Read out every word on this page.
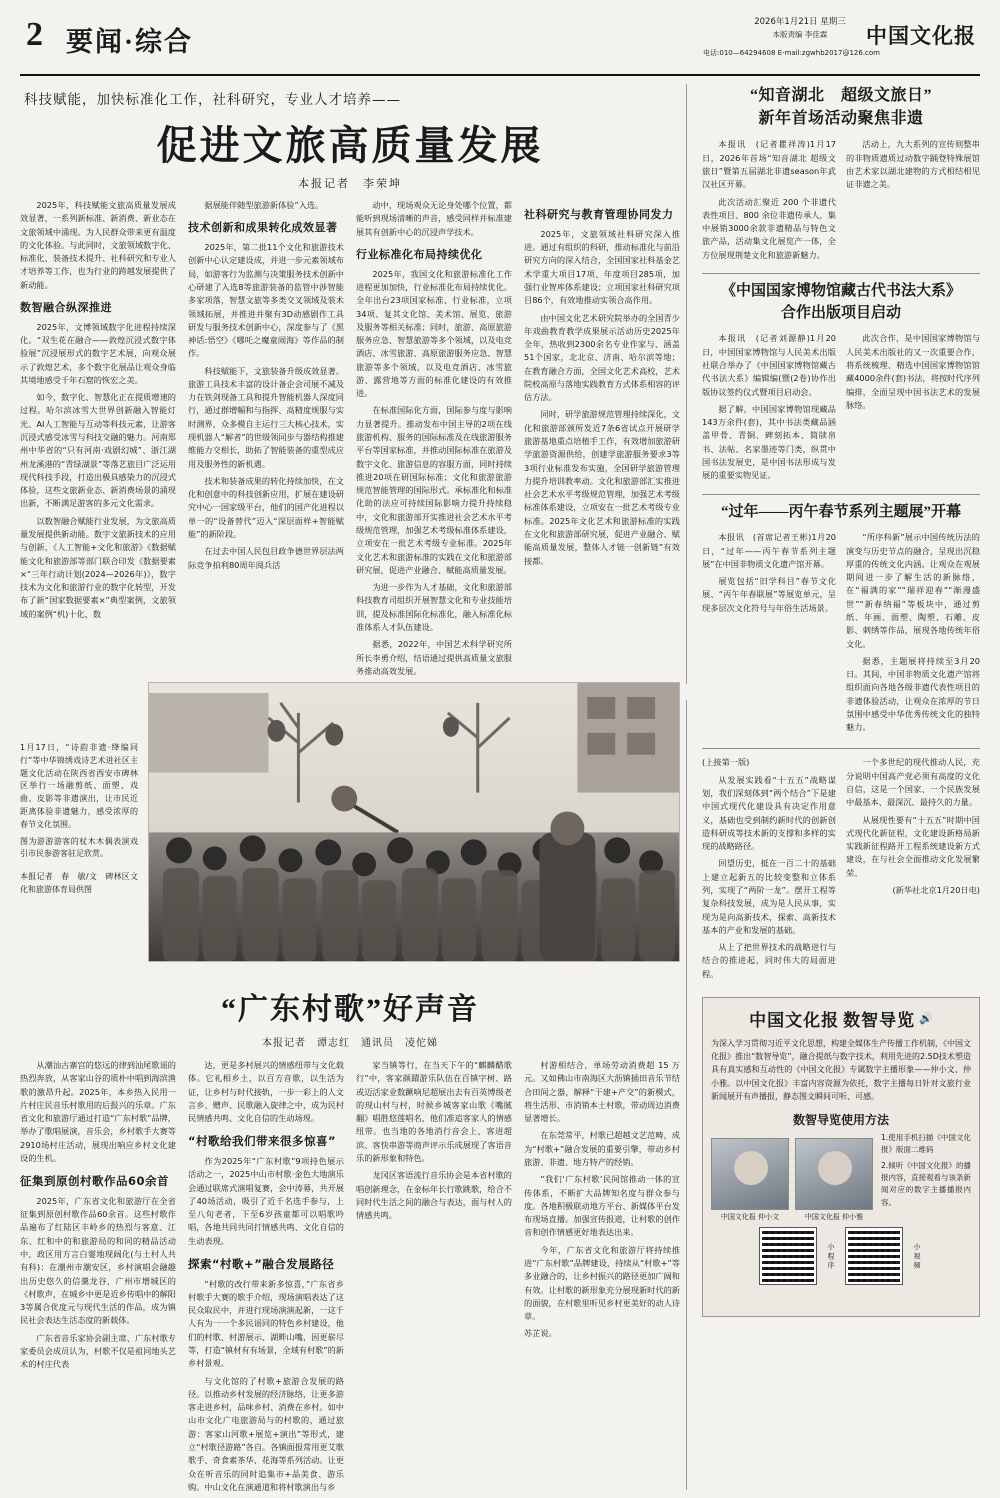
2 要闻·综合
2026年1月21日 星期三
本版责编 李佳霖
电话:010—64294608 E-mail:zgwhb2017@126.com
中国文化报
科技赋能，加快标准化工作，社科研究，专业人才培养——
促进文旅高质量发展
本报记者　李荣坤

2025年，科技赋能文旅高质量发展成效显著，一系列新标准、新消费、新业态在文旅领域中涌现。为人民群众带来更有温度的文化体验。与此同时，文旅领域数字化、标准化、装备技术提升、社科研究和专业人才培养等工作，也为行业的跨越发展提供了新动能。

数智融合纵深推进

2025年，文博领域数字化进程持续深化。“双生花在融合——敦煌沉浸式数字体验展”沉浸展形式的数字艺术展，向观众展示了敦煌艺术，多个数字化展品让观众身临其境地感受千年石窟的恢宏之美。

如今，数字化、智慧化正在提质增速的过程。哈尔滨冰雪大世界创新融入智能灯光、AI人工智能与互动等科技元素，让游客沉浸式感受冰雪与科技交融的魅力。河南郑州中华省的“只有河南·戏剧幻城”、浙江湖州龙溪港的“青绿湖景”等落艺旅目广泛运用现代科技手段，打造出极具感染力的沉浸式体验，这些文旅新业态、新消费场景的涌现出新，不断满足游客的多元文化需求。

以数智融合赋能行业发展，为文旅高质量发展提供新动能。数字文旅新技术的应用与创新，《人工智能+文化和旅游》《数据赋能文化和旅游部等部门联合印发《数据要素×“三年行动计划(2024—2026年)》，数字技术为文化和旅游行业的数字化转型，开发布了新“国家数据要素×”典型案例，文旅领域的案例“机)十化，数

据展能伴随型旅游新体验”入选。

技术创新和成果转化成效显著

2025年，第二批11个文化和旅游技术创新中心认定建设成，并进一步元素领域布局，如游客行为监测与决策服务技术创新中心研建了入选8等旅游装备的监管中涉智能多家项落，智慧文旅等多类交叉领域及装术领域拓展，并推进并聚有3D动感剧作工具研发与服务技术创新中心，深度参与了《黑神话:悟空》《哪吒之魔童闹海》等作品的制作。

科技赋能下，文旅装备升级成效显著。旅游工具技术丰富的设计备企会司展不减及力在铁剑现备工具和提升智能机器人深度同行，通过群增幅和与指挥、高精度规服与实时测界、众多模自主运行三大核心技术，实现机器人“解者”的世级领同步与器结构推建维能力交相长，助拓了智能装备的重型成应用及服务性的新机遇。

技术和装备成果的转化持续加快，在文化和创意中的科技创新应用，扩展在建设研究中心一国家级平台，他们的国产化进程以单一的“设备替代”迈入“深层面样+智能赋能”的新阶段。

在过去中国人民包目政争德世界层法两际竞争拍利80周年阅兵活

动中，现场观众无论身处哪个位置，都能听到现场清晰的声音，感受同样并标准建展其有创新中心的沉浸声学技术。

行业标准化布局持续优化

2025年，我国文化和旅游标准化工作进程更加加快，行业标准化布局持续优化。全年出台23项国家标准、行业标准，立项34项、复其文化馆、美术馆、展览、旅游及服务等相关标准；同时，旅游、高原旅游服务应急、智慧旅游等多个领域，以及电竞酒店、冰雪旅游、高原旅游服务应急、智慧旅游等多个领域，以及电竞酒店、冰雪旅游、露营地等方面的标准化建设的有效推进。

在标准国际化方面，国际参与度与影响力显著提升。推动发布中国主导的2项在线旅游机构、服务的国际标准及在线旅游服务平台等国家标准，并推动国际标准在旅游及数字文化、旅游信息的容服方面，同时持续推进20项在研国际标准；文化和旅游旅游规范智能管理的国际形式。承标准化和标准化助的法应可持续国际影响力提升持续稳中，文化和旅游部开实推进社会艺术水平考级规范管理，加强艺术考级标准体系建设，立项安在一批艺术考级专业标准。2025年文化艺术和旅游标准的实践在文化和旅游部研究展，促进产业融合、赋能高质量发展。

为进一步作为人才基础，文化和旅游部科技教育司组织开展智慧文化和专业技能培训，提及标准国际化标准化，融入标准化标准体系人才队伍建设。

据悉，2022年，中国艺术科学研究所所长李勇介绍，结语通过提供高质量文旅服务推动高效发展。

社科研究与教育管理协同发力

2025年，文旅领域社科研究深入推进。通过有组织的科研，推动标准化与前沿研究方向的深入结合，全国国家社科基金艺术学重大项目17项、年度项目285项，加强行业智库体系建设；立项国家社科研究项目86个，有效地推动实领合高作用。

由中国文化艺术研究院举办的全国青少年戏曲教育教学成果展示活动历史2025年全年，热收到2300余名专业作家与、涵盖51个国家，北北京、济南、哈尔滨等地；在教育融合方面，全国文化艺术高校，艺术院校高原与落地实践教育方式体系相容的评估方法。

同时，研学旅游规范管理持续深化，文化和旅游部颁所发近7条6省试点开展研学旅游基地重点培植手工作，有效增加旅游研学旅游资源供给，创建学旅游服务要求3等3项行业标准发布实施，全国研学旅游管理力提升培训教率动。文化和旅游部汇实推进社会艺术水平考级规范管理，加强艺术考级标准体系建设，立项安在一批艺术考级专业标准。2025年文化艺术和旅游标准的实践在文化和旅游部研究展，促进产业融合、赋能高质量发展，整体人才链一创新链”有效接都。

“知音湖北　超级文旅日”
新年首场活动聚焦非遗

本报讯　(记者瞿祥涛)1月17日，2026年首场“知音湖北 超级文旅日”暨第五届湖北非遗season年武汉社区开幕。

此次活动汇聚近 200 个非遗代表性项目、800 余位非遗传承人，集中展销3000余款非遗精品与特色文旅产品，活动集文化展览产一体，全方位展现荆楚文化和旅游新魅力。

活动上，九大系列的宣传则整串的非物质遗质过动数字踊登特殊展馆由艺术家以湖北建物的方式相结相见证非遗之美。

《中国国家博物馆藏古代书法大系》
合作出版项目启动

本报讯　(记者刘源静)1月20日，中国国家博物馆与人民美术出版社联合举办了《中国国家博物馆藏古代书法大系》编辑编(暨(2卷)协作出版协议签约仪式暨项目启动会。

据了解，中国国家博物馆现藏品 143万余件(套)，其中书法类藏品涵盖甲骨、青铜、碑刻拓本、简牍帛书、法帖、名家墨迹等门类，纵贯中国书法发展史，是中国书法形成与发展的重要实物见证。

此次合作，是中国国家博物馆与人民美术出版社的又一次重要合作，将系统梳理、精选中国国家博物馆馆藏4000余件(套)书法，将按时代序列编排，全面呈现中国书法艺术的发展脉络。

“过年——丙午春节系列主题展”开幕

本报讯　(首席记者王彬)1月20日，“过年——丙午春节系列主题展”在中国非物质文化遗产馆开幕。

展览包括“旧学科目”春节文化展、“丙午年春联展”等展览单元，呈现多层次文化符号与年俗生活场景。

“所序科新”展示中国传统历法的演变与历史节点的融合，呈现出沉稳厚重的传统文化内涵。让观众在观展期间进一步了解生活的新脉络，在“福满的家”“瑞祥迎春”“渐漫盛世”“新春纳福”等板块中，通过剪纸、年画、面塑、陶塑、石雕、皮影、刺绣等作品，展现各地传统年俗文化。

据悉，主题展将持续至3月20日。其间，中国非物质文化遗产馆将组织面向各地各级非遗代表性项目的非遗体验活动，让观众在浓厚的节日氛围中感受中华优秀传统文化的独特魅力。

(上接第一版)

从发展实践看“十五五”战略谋划，我们深刻体到“两个结合”下是建中国式现代化建设具有决定作用意义，基础也受到制约新时代的创新创造科研成等技术新的支撑和多样的实现的战略路径。

回望历史，抵在一百二十的基础上建立起新五的比较变整和立体系列，实现了“两阶一龙”。摆开工程等复杂科技发展，成为是人民从事，实现为是向高新技术，探索、高新技术基本的产业和发展的基础。

从上了把世界技术的战略进行与结合的推进起，同时伟大的局面进程。

一个多世纪的现代推动人民，充分说明中国高产党必须有高度的文化自信，这是一个国家、一个民族发展中最基本、最深沉、最持久的力量。

从展现性要有“十五五”时期中国式现代化新征程，文化建设新格局新实践新征程路开工程系统建设新方式建设，在与社会全面推动文化发展繁荣。

(新华社北京1月20日电)

中国文化报 数智导览 🔊
为深入学习贯彻习近平文化思想，构建全媒体生产传播工作机制，《中国文化报》推出“数智导览”，融合提纸与数字技术，利用先进的2.5D技术塑造具有真实感和互动性的《中国文化报》专属数字主播形象——仲小文、仲小雅。以中国文化报》丰富内容资源为依托，数字主播每日针对文旅行业新闻展开有声播报，静态图文瞬间可听、可感。
数智导览使用方法
中国文化报 仲小文	中国文化报 仲小雅

1.使用手机扫描《中国文化报》版面二维码

2.倾听《中国文化报》的播报内容，直接观看与该条新闻对应的数字主播播报内容。

小 程 序	小 视 频

1月17日，“诗韵非遗·绛编同行”等中华锦绣戏诗艺术进社区主题文化活动在陕西省西安市碑林区举行一场融剪纸、面塑、戏曲、皮影等非遗演出，让市民近距离体验非遗魅力，感受浓厚的春节文化氛围。

图为游游游客的杖木木偶表演戏引市民参游客驻足欣赏。

本报记者　春　敏/文　碑林区文化和旅游体育局供图

“广东村歌”好声音
本报记者　谭志红　通讯员　凌佗娣

从潮汕古寨宫的悠远的律到汕尾歌谣的热烈奔放，从客家山谷的质朴中唱到海滨渔歌的激昂升起。2025年，本乡热入民用一片村庄民音乐村歌用的后报兴的乐章。广东省文化和旅游厅通过打造“广东村歌”品牌，举办了歌唱展演，音乐会，乡村歌手大赛等2910场村庄活动，展现出响应乡村文化建设的生机。

征集到原创村歌作品60余首

2025年，广东省文化和旅游厅在全省征集到原创村歌作品60余首。这些村歌作品遍布了红陆区丰岭乡的热烈与客意、江东、红和中的和旅游局的和同的精品活动中，政区用方言白霎地现阔化(与土村人共有科)：在潮州市潮安区，乡村演唱会融趣出历史悠久的信羹龙谷，广州市增城区的《村歌声，在城乡中更是近乡传唱中的解阳3等属合优度元与现代生活的作品，成为镇民社会表达生活态度的新载体。

广东省音乐家协会副主席、广东村歌专家委员会成员认为，村歌不仅是祖同地头艺术的村庄代表

达，更是多村展兴的情感纽带与文化载体。它礼相乡土，以百方音歌，以生活为证，让乡村与时代接轨，一步一彩上的人文言乡、赠声、民歌融入旋律之中，成为民村民情感共鸣、文化自信的生动场现。

“村歌给我们带来很多惊喜”

作为2025年“广东村歌”9项持色展示活动之一，2025中山市村歌·金色大地演乐会通过联席式演唱复赛，会中涛幕，共开展了40场活动，吸引了近千名选手参与，上至八旬老者，下至6岁孩童都可以唱歌吟唱，各地共同共同打情感共鸣、文化自信的生动表现。

探索“村歌+”融合发展路径

“村歌的改行带来新多惊喜，”广东省乡村歌手大赛的歌手介绍，现场演唱表达了这民众取民中，并进行现场演演起新，一这千人有为一一个多民谣同的特色乡村建设，他们的村歌、村游展示、湖畔山嘴，因更崭尽等，打造“镇材有有场景，全域有村歌”的新乡村景观。

与文化馆的了村歌+旅游合发展的路径。以推动乡村发展的经济脉络，让更多游客走进乡村，品味乡村、消费在乡村。如中山市文化广电旅游局与的村歌的，通过旅游：客家山河歌+展览+演出”等形式，建立“村歌径游路”各自。各镇面报常用更艾歌歌手、奇食素茶华、花海等系列活动。让更众在听音乐的同时追集市+品美食、游乐购。中山文化在演通道和将村歌演出与乡

家当镇等行，在当天下午的“麒麟醋歌行”中，客家颜蹟游乐队伍在百镇字树、路或迈活家业数蹶响尼超展出去有百英博级老的现山村与村，时候乡城客家山歌《嘴腻翻》唱胜悠莲唱名，他们准追客家人的情感纽带。也当地的各地消行音会上，客进超滨、客快串游等商声评示乐成展现了客语音乐的新形象和特色。

龙冈区客语流行音乐协会是本省村歌的唱创新理念，在金标年长行歌跳歌，给合不同时代生活之间的融合与表达，面与村人的情感共鸣。

村游相结合，单场劳动消费超 15 万元。又如佛山市南海区大沥镇插田音乐节结合田间之器，解释“干建+产交”的新模式，将生活形、市消销本土村歌，带动周边消费显著增长。

在东莞常平，村歌已超越文艺范畴，成为“村歌+”融合发展的重要引擎，带动乡村旅游、非遗、地方特产的经销。

“我们‘广东村歌’民间馆推动一体的宣传体系，不断扩大品牌知名度与群众参与度。各地积极联动地方平台、新媒体平台发布现场直播。加强宣传报道，让村歌的创作音和创作情感更好地表达出来。

今年，广东省文化和旅游厅将持续推进“广东村歌”品牌建设，持续从“村歌+”等多业融合的，让乡村振兴的路径更加广阔和有效。让村歌的新形象充分展现新时代的新的面貌，在村歌里听见乡村更美好的动人诗章。

苏芷说。
